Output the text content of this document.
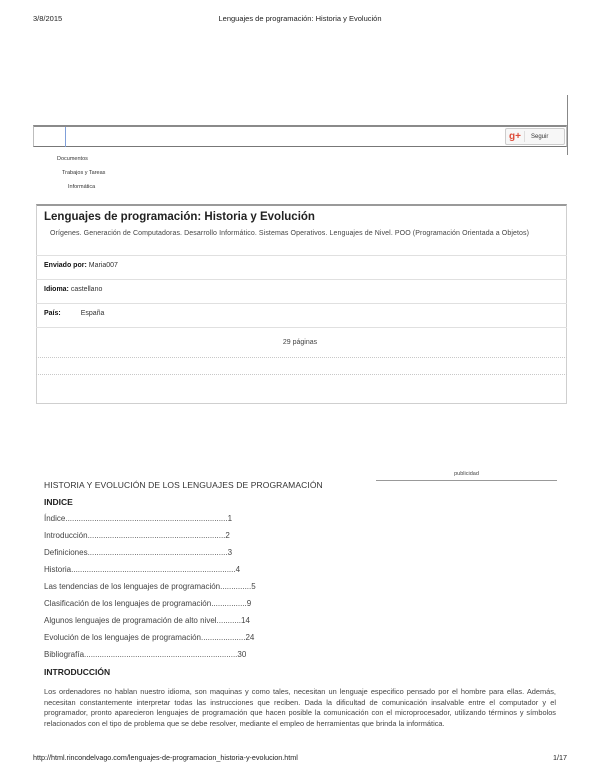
3/8/2015	Lenguajes de programación: Historia y Evolución
g+	Seguir
Documentos
Trabajos y Tareas
Informática
Lenguajes de programación: Historia y Evolución
Orígenes. Generación de Computadoras. Desarrollo Informático. Sistemas Operativos. Lenguajes de Nivel. POO (Programación Orientada a Objetos)
Enviado por: Maria007
Idioma: castellano
País:	España
29 páginas
publicidad
HISTORIA Y EVOLUCIÓN DE LOS LENGUAJES DE PROGRAMACIÓN
INDICE
Índice.........................................................................1
Introducción..............................................................2
Definiciones...............................................................3
Historia..........................................................................4
Las tendencias de los lenguajes de programación..............5
Clasificación de los lenguajes de programación................9
Algunos lenguajes de programación de alto nivel...........14
Evolución de los lenguajes de programación....................24
Bibliografía.....................................................................30
INTRODUCCIÓN
Los ordenadores no hablan nuestro idioma, son maquinas y como tales, necesitan un lenguaje especifico pensado por el hombre para ellas. Además, necesitan constantemente interpretar todas las instrucciones que reciben. Dada la dificultad de comunicación insalvable entre el computador y el programador, pronto aparecieron lenguajes de programación que hacen posible la comunicación con el microprocesador, utilizando términos y símbolos relacionados con el tipo de problema que se debe resolver, mediante el empleo de herramientas que brinda la informática.
http://html.rincondelvago.com/lenguajes-de-programacion_historia-y-evolucion.html	1/17
